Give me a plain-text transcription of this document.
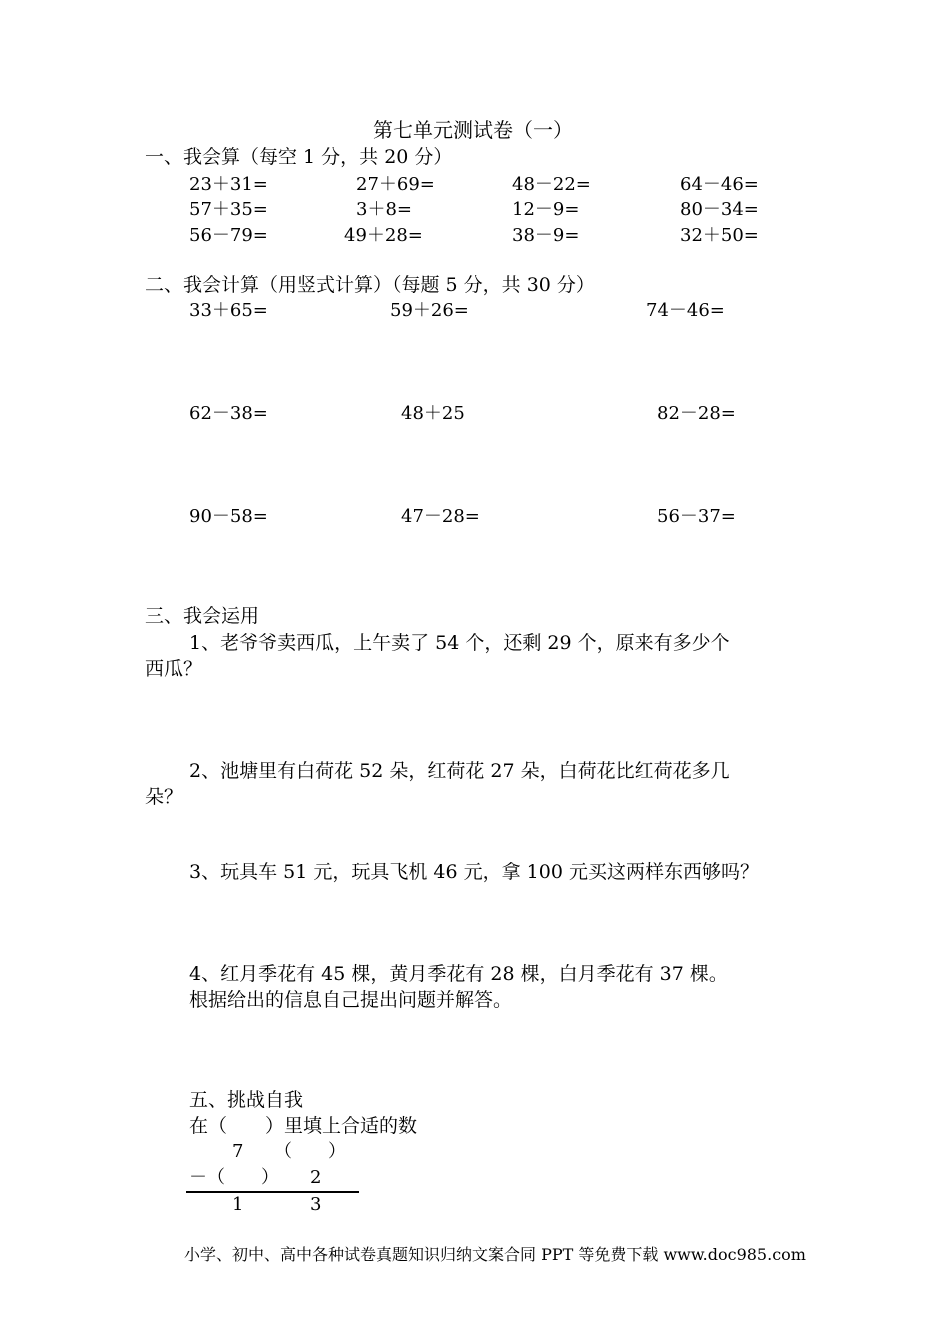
第七单元测试卷（一）
一、我会算（每空 1 分，共 20 分）
23＋31=	27＋69=	48－22=	64－46=
57＋35=	3＋8=	12－9=	80－34=
56－79=	49＋28=	38－9=	32＋50=
二、我会计算（用竖式计算）（每题 5 分，共 30 分）
33＋65=	59＋26=	74－46=
62－38=	48＋25	82－28=
90－58=	47－28=	56－37=
三、我会运用
1、老爷爷卖西瓜，上午卖了 54 个，还剩 29 个，原来有多少个
西瓜？
2、池塘里有白荷花 52 朵，红荷花 27 朵，白荷花比红荷花多几
朵？
3、玩具车 51 元，玩具飞机 46 元，拿 100 元买这两样东西够吗？
4、红月季花有 45 棵，黄月季花有 28 棵，白月季花有 37 棵。
根据给出的信息自己提出问题并解答。
五、挑战自我
在（　　）里填上合适的数
7 （　　）
－（　　） 2
1	3
小学、初中、高中各种试卷真题知识归纳文案合同 PPT 等免费下载 www.doc985.com
